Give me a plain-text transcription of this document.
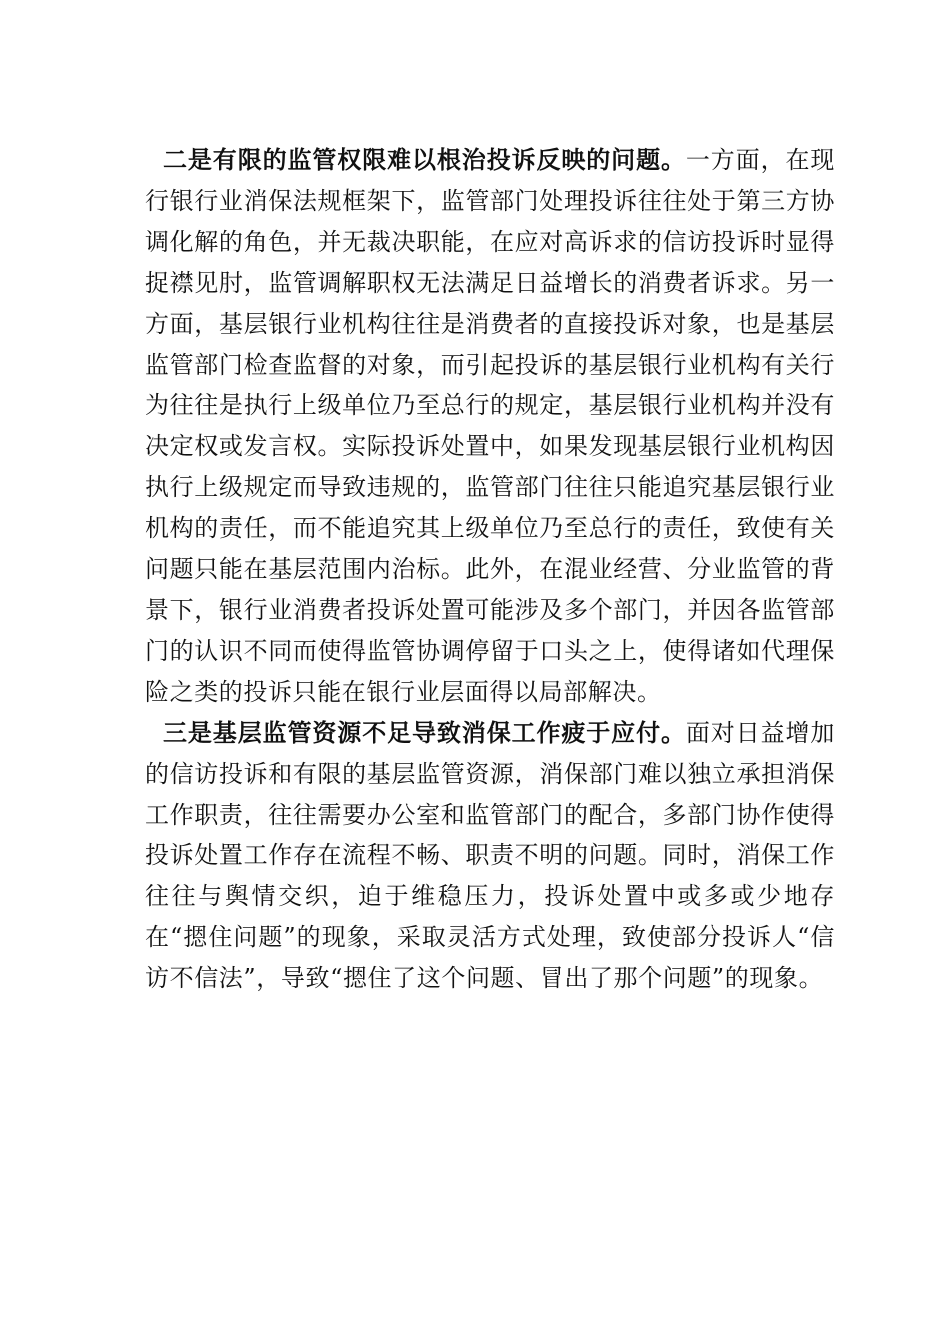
二是有限的监管权限难以根治投诉反映的问题。一方面，在现行银行业消保法规框架下，监管部门处理投诉往往处于第三方协调化解的角色，并无裁决职能，在应对高诉求的信访投诉时显得捉襟见肘，监管调解职权无法满足日益增长的消费者诉求。另一方面，基层银行业机构往往是消费者的直接投诉对象，也是基层监管部门检查监督的对象，而引起投诉的基层银行业机构有关行为往往是执行上级单位乃至总行的规定，基层银行业机构并没有决定权或发言权。实际投诉处置中，如果发现基层银行业机构因执行上级规定而导致违规的，监管部门往往只能追究基层银行业机构的责任，而不能追究其上级单位乃至总行的责任，致使有关问题只能在基层范围内治标。此外，在混业经营、分业监管的背景下，银行业消费者投诉处置可能涉及多个部门，并因各监管部门的认识不同而使得监管协调停留于口头之上，使得诸如代理保险之类的投诉只能在银行业层面得以局部解决。

三是基层监管资源不足导致消保工作疲于应付。面对日益增加的信访投诉和有限的基层监管资源，消保部门难以独立承担消保工作职责，往往需要办公室和监管部门的配合，多部门协作使得投诉处置工作存在流程不畅、职责不明的问题。同时，消保工作往往与舆情交织，迫于维稳压力，投诉处置中或多或少地存在“摁住问题”的现象，采取灵活方式处理，致使部分投诉人“信访不信法”，导致“摁住了这个问题、冒出了那个问题”的现象。
